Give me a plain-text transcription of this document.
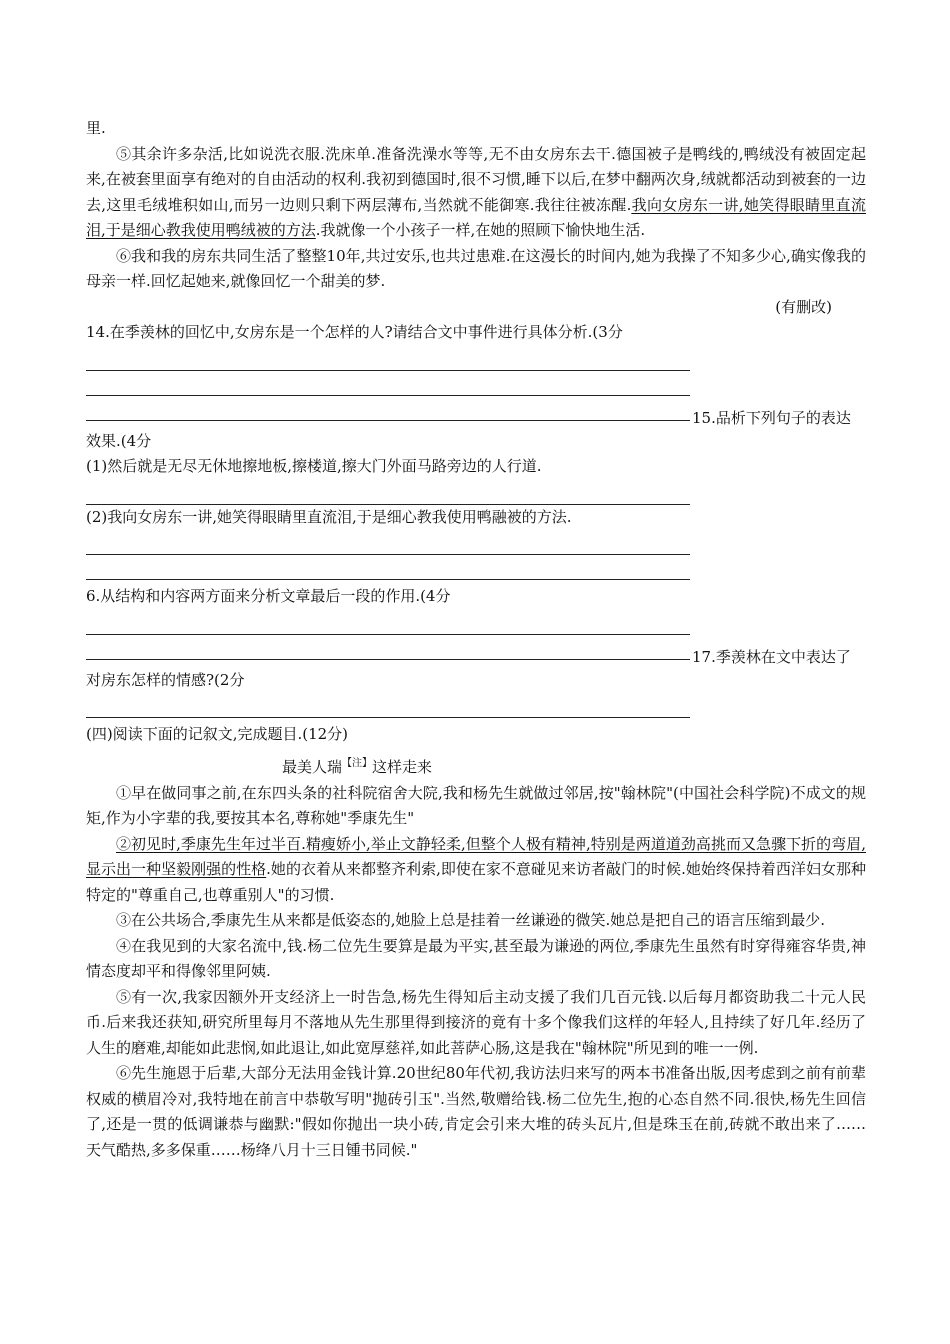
里.

⑤其余许多杂活,比如说洗衣服.洗床单.准备洗澡水等等,无不由女房东去干.德国被子是鸭线的,鸭绒没有被固定起来,在被套里面享有绝对的自由活动的权利.我初到德国时,很不习惯,睡下以后,在梦中翻两次身,绒就都活动到被套的一边去,这里毛绒堆积如山,而另一边则只剩下两层薄布,当然就不能御寒.我往往被冻醒.我向女房东一讲,她笑得眼睛里直流泪,于是细心教我使用鸭绒被的方法.我就像一个小孩子一样,在她的照顾下愉快地生活.

⑥我和我的房东共同生活了整整10年,共过安乐,也共过患难.在这漫长的时间内,她为我操了不知多少心,确实像我的母亲一样.回忆起她来,就像回忆一个甜美的梦.

(有删改)

14.在季羡林的回忆中,女房东是一个怎样的人?请结合文中事件进行具体分析.(3分

15.品析下列句子的表达

效果.(4分

(1)然后就是无尽无休地擦地板,擦楼道,擦大门外面马路旁边的人行道.

(2)我向女房东一讲,她笑得眼睛里直流泪,于是细心教我使用鸭融被的方法.

6.从结构和内容两方面来分析文章最后一段的作用.(4分

17.季羡林在文中表达了

对房东怎样的情感?(2分

(四)阅读下面的记叙文,完成题目.(12分)

最美人瑞$^{【注】}$这样走来

①早在做同事之前,在东四头条的社科院宿舍大院,我和杨先生就做过邻居,按"翰林院"(中国社会科学院)不成文的规矩,作为小字辈的我,要按其本名,尊称她"季康先生"

②初见时,季康先生年过半百.精瘦娇小,举止文静轻柔,但整个人极有精神,特别是两道道劲高挑而又急骤下折的弯眉,显示出一种坚毅刚强的性格.她的衣着从来都整齐利索,即使在家不意碰见来访者敲门的时候.她始终保持着西洋妇女那种特定的"尊重自己,也尊重别人"的习惯.

③在公共场合,季康先生从来都是低姿态的,她脸上总是挂着一丝谦逊的微笑.她总是把自己的语言压缩到最少.

④在我见到的大家名流中,钱.杨二位先生要算是最为平实,甚至最为谦逊的两位,季康先生虽然有时穿得雍容华贵,神情态度却平和得像邻里阿姨.

⑤有一次,我家因额外开支经济上一时告急,杨先生得知后主动支援了我们几百元钱.以后每月都资助我二十元人民币.后来我还获知,研究所里每月不落地从先生那里得到接济的竟有十多个像我们这样的年轻人,且持续了好几年.经历了人生的磨难,却能如此悲悯,如此退让,如此宽厚慈祥,如此菩萨心肠,这是我在"翰林院"所见到的唯一一例.

⑥先生施恩于后辈,大部分无法用金钱计算.20世纪80年代初,我访法归来写的两本书准备出版,因考虑到之前有前辈权威的横眉冷对,我特地在前言中恭敬写明"抛砖引玉".当然,敬赠给钱.杨二位先生,抱的心态自然不同.很快,杨先生回信了,还是一贯的低调谦恭与幽默:"假如你抛出一块小砖,肯定会引来大堆的砖头瓦片,但是珠玉在前,砖就不敢出来了……天气酷热,多多保重……杨绛八月十三日锺书同候."
